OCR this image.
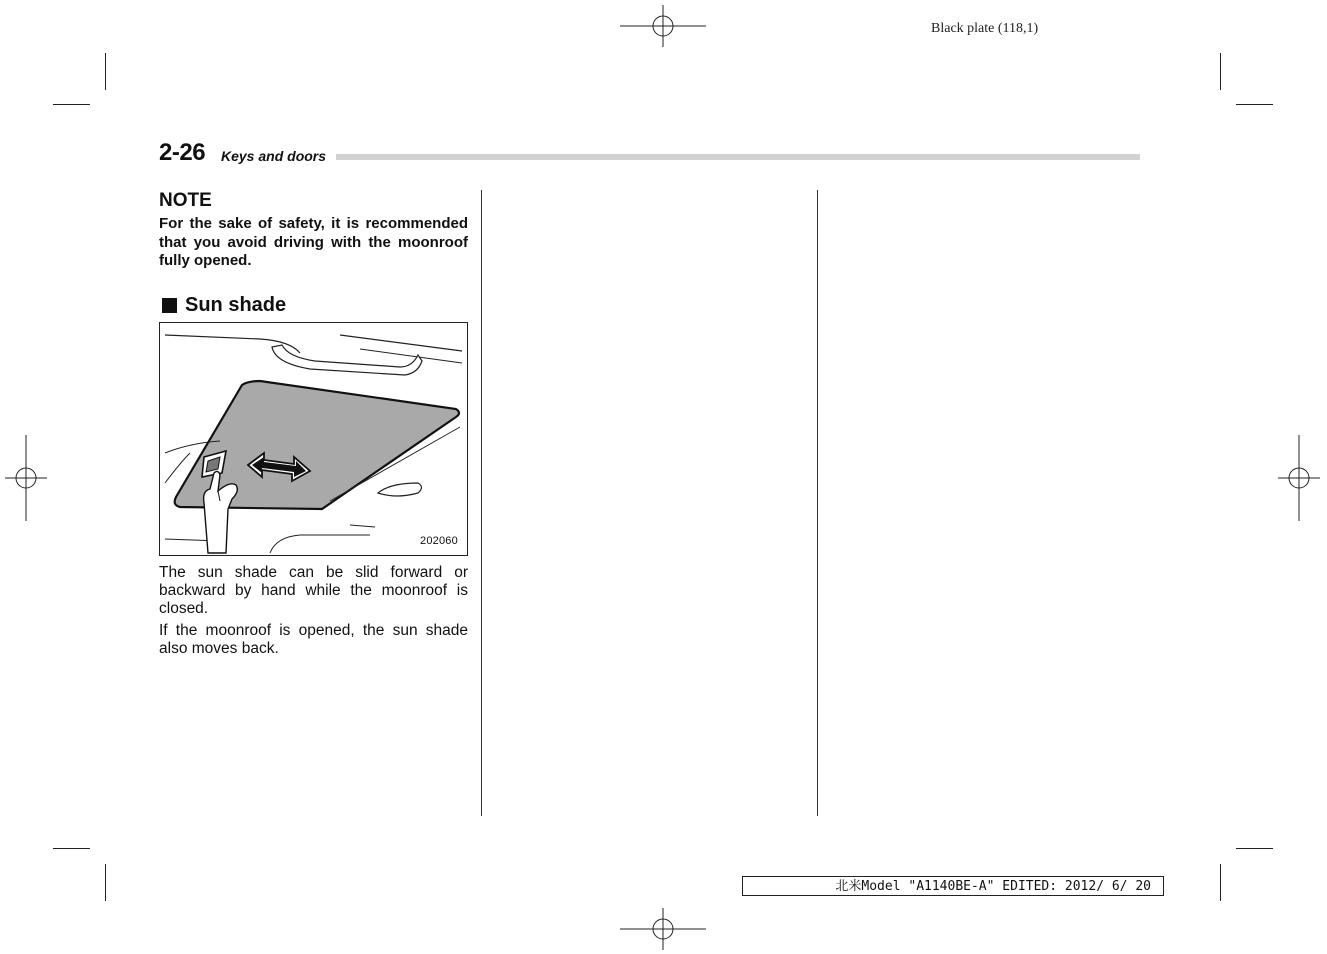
Black plate (118,1)
2-26 Keys and doors
NOTE
For the sake of safety, it is recommended that you avoid driving with the moonroof fully opened.
Sun shade
202060
The sun shade can be slid forward or backward by hand while the moonroof is closed.
If the moonroof is opened, the sun shade also moves back.
北米Model "A1140BE-A" EDITED: 2012/ 6/ 20
